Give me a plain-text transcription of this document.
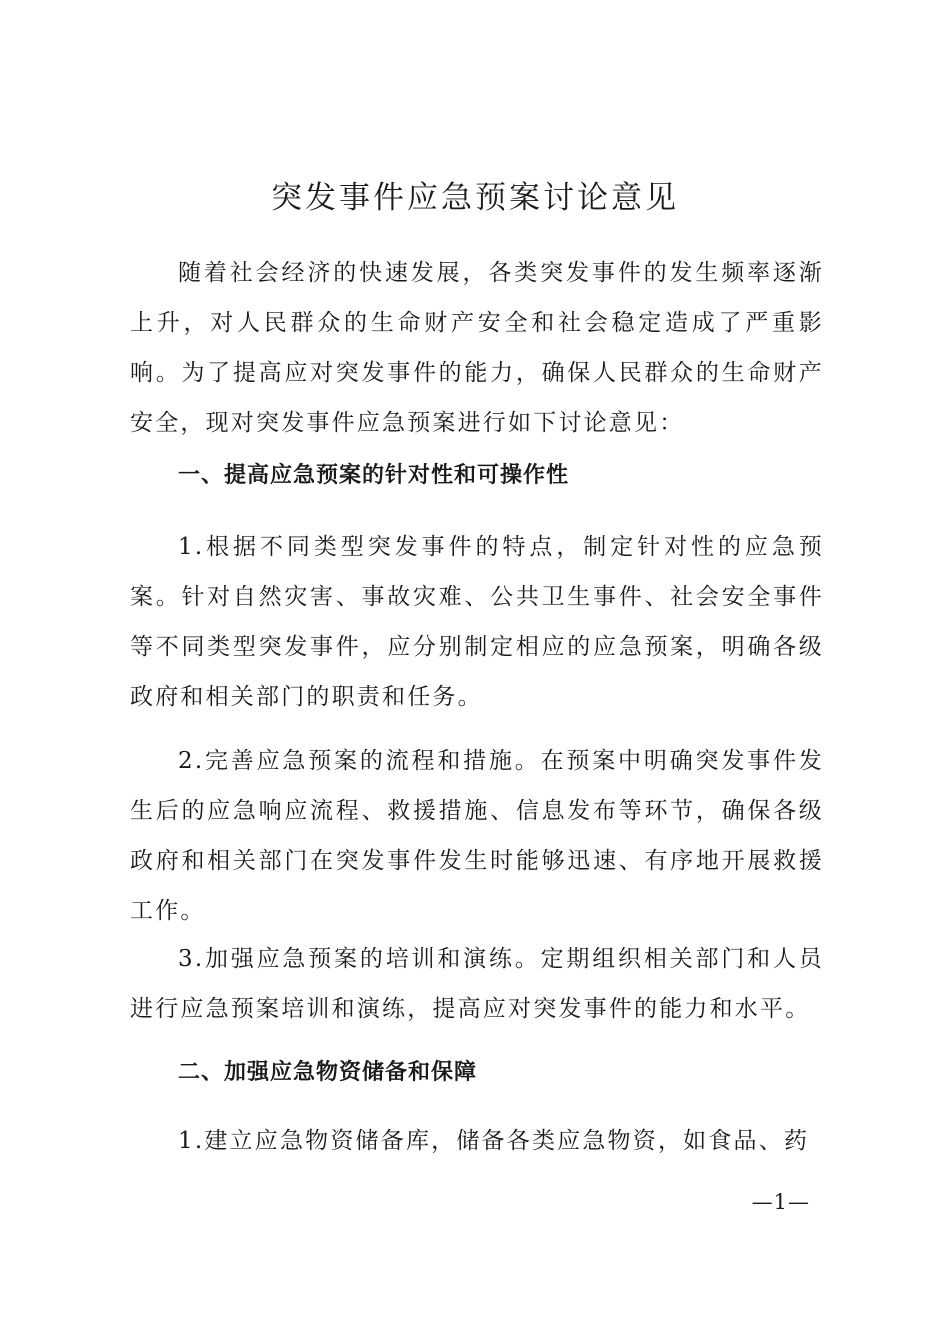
突发事件应急预案讨论意见

随着社会经济的快速发展，各类突发事件的发生频率逐渐上升，对人民群众的生命财产安全和社会稳定造成了严重影响。为了提高应对突发事件的能力，确保人民群众的生命财产安全，现对突发事件应急预案进行如下讨论意见：

一、提高应急预案的针对性和可操作性

1.根据不同类型突发事件的特点，制定针对性的应急预案。针对自然灾害、事故灾难、公共卫生事件、社会安全事件等不同类型突发事件，应分别制定相应的应急预案，明确各级政府和相关部门的职责和任务。

2.完善应急预案的流程和措施。在预案中明确突发事件发生后的应急响应流程、救援措施、信息发布等环节，确保各级政府和相关部门在突发事件发生时能够迅速、有序地开展救援工作。

3.加强应急预案的培训和演练。定期组织相关部门和人员进行应急预案培训和演练，提高应对突发事件的能力和水平。

二、加强应急物资储备和保障

1.建立应急物资储备库，储备各类应急物资，如食品、药

—1—
